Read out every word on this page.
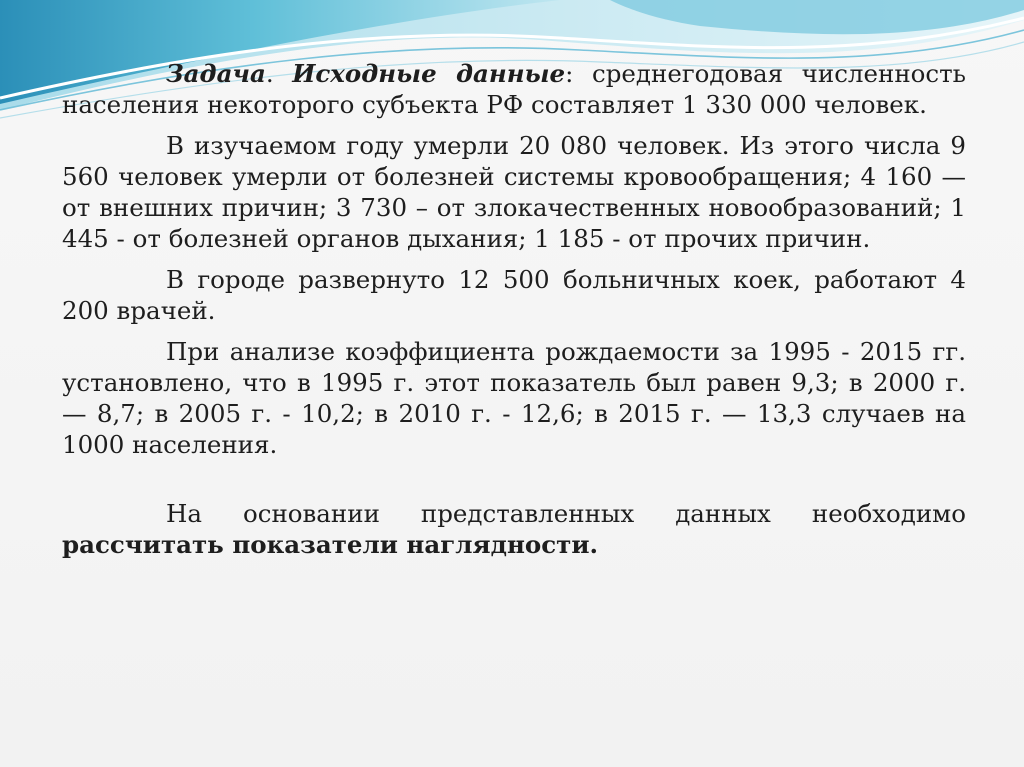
Задача. Исходные данные: среднегодовая численность населения некоторого субъекта РФ составляет 1 330 000 человек.

В изучаемом году умерли 20 080 человек. Из этого числа 9 560 человек умерли от болезней системы кровообращения; 4 160 — от внешних причин; 3 730 – от злокачественных новообразований; 1 445 - от болезней органов дыхания; 1 185 - от прочих причин.

В городе развернуто 12 500 больничных коек, работают 4 200 врачей.

При анализе коэффициента рождаемости за 1995 - 2015 гг. установлено, что в 1995 г. этот показатель был равен 9,3; в 2000 г. — 8,7; в 2005 г. - 10,2; в 2010 г. - 12,6; в 2015 г. — 13,3 случаев на 1000 населения.

На основании представленных данных необходимо рассчитать показатели наглядности.
